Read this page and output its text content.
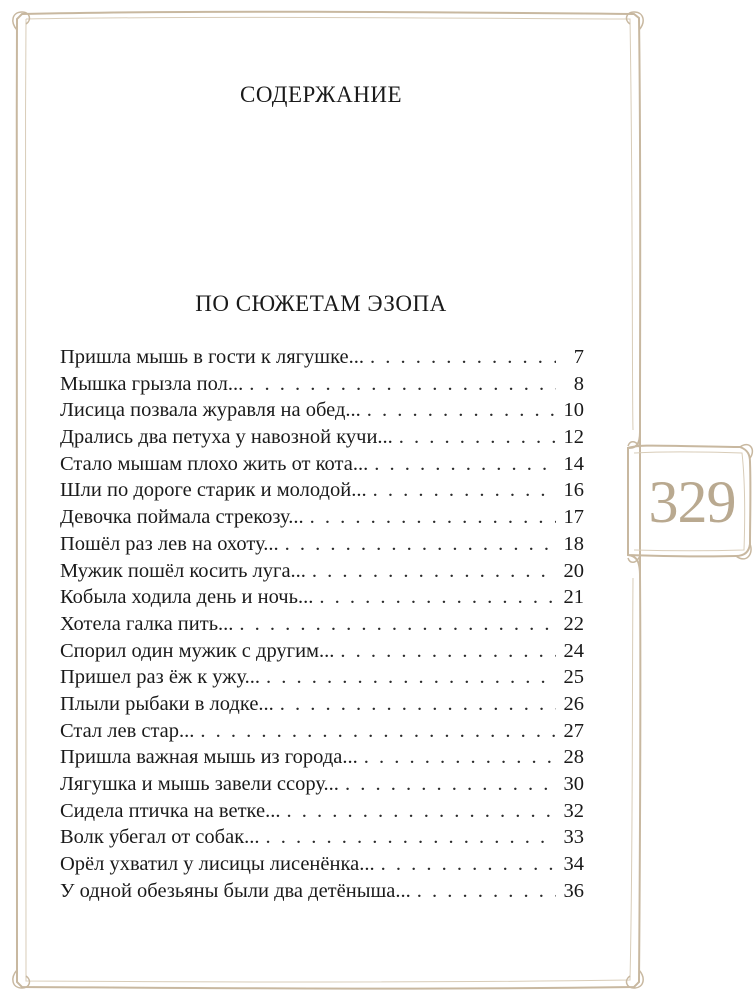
СОДЕРЖАНИЕ
ПО СЮЖЕТАМ ЭЗОПА
Пришла мышь в гости к лягушке... . . .	7
Мышка грызла пол... . . .	8
Лисица позвала журавля на обед... . . .	10
Дрались два петуха у навозной кучи... . . .	12
Стало мышам плохо жить от кота... . . .	14
Шли по дороге старик и молодой... . . .	16
Девочка поймала стрекозу... . . .	17
Пошёл раз лев на охоту... . . .	18
Мужик пошёл косить луга... . . .	20
Кобыла ходила день и ночь... . . .	21
Хотела галка пить... . . .	22
Спорил один мужик с другим... . . .	24
Пришел раз ёж к ужу... . . .	25
Плыли рыбаки в лодке... . . .	26
Стал лев стар... . . .	27
Пришла важная мышь из города... . . .	28
Лягушка и мышь завели ссору... . . .	30
Сидела птичка на ветке... . . .	32
Волк убегал от собак... . . .	33
Орёл ухватил у лисицы лисенёнка... . . .	34
У одной обезьяны были два детёныша... . . .	36
329
